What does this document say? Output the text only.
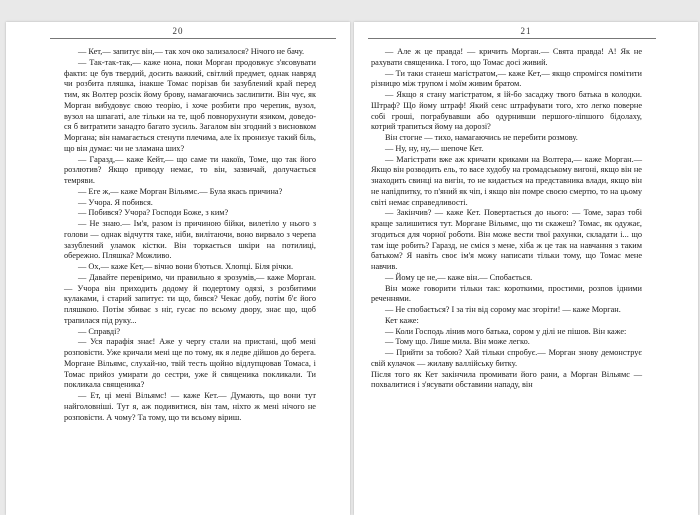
20

— Кет,— запитує він,— так хоч око зализалося? Нічого не бачу.

— Так-так-так,— каже нона, поки Морган продовжує з'ясовувати факти: це був твердий, досить важкий, світлий предмет, однак навряд чи розбита пляшка, інакше Томас порізав би зазублений край перед тим, як Волтер розсік йому брову, намагаючись заслипити. Він чує, як Морган вибудовує свою теорію, і хоче розбити про черепик, вузол, вузол на шпагаті, але тільки на те, щоб повнорухнути язиком, доведо-ся б витратити занадто багато зусиль. Загалом він згодний з висновком Моргана; він намагається стенути плечима, але їх пронизує такий біль, що він думає: чи не зламана ших?

— Гаразд,— каже Кейт,— що саме ти накоїв, Томе, що так його розлютив? Якщо приводу немає, то він, зазвичай, долучається темряви.

— Еге ж,— каже Морган Вільямс.— Була якась причина?

— Учора. Я побився.

— Побився? Учора? Господи Боже, з ким?

— Не знаю.— Ім'я, разом із причиною бійки, вилетіло у нього з голови — однак відчуття таке, ніби, вилітаючи, воно вирвало з черепа зазублений уламок кістки. Він торкається шкіри на потилиці, обережно. Пляшка? Можливо.

— Ох,— каже Кет,— вічно вони б'ються. Хлопці. Біля річки.

— Давайте перевіримо, чи правильно я зрозумів,— каже Морган.— Учора він приходить додому й подертому одязі, з розбитими кулаками, і старий запитує: ти що, бився? Чекає добу, потім б'є його пляшкою. Потім збиває з ніг, гусає по всьому двору, знає що, щоб трапилася під руку...

— Справді?

— Уся парафія знає! Аже у чергу стали на пристані, щоб мені розповісти. Уже кричали мені ще по тому, як я ледве дійшов до берега. Моргане Вільямс, слухай-но, твій тесть щойно відлупцював Томаса, і Томас прийоз умирати до сестри, уже й священика покликали. Ти покликала священика?

— Ет, ці мені Вільямс! — каже Кет.— Думають, що вони тут найголовніші. Тут я, аж подивитися, він там, ніхто ж мені нічого не розповісти. А чому? Та тому, що ти всьому віриш.

21

— Але ж це правда! — кричить Морган.— Свята правда! А! Як не рахувати священика. І того, що Томас досі живий.

— Ти таки станеш магістратом,— каже Кет,— якщо спромігся помітити різницю між трупом і моїм живим братом.

— Якщо я стану магістратом, я їй-бо засаджу твого батька в колодки. Штраф? Що йому штраф! Який сенс штрафувати того, хто легко поверне собі гроші, пограбувавши або одурнивши першого-ліпшого бідолаху, котрий трапиться йому на дорозі?

Він стогне — тихо, намагаючись не перебити розмову.

— Ну, ну, ну,— шепоче Кет.

— Магістрати вже аж кричати криками на Волтера,— каже Морган.— Якщо він розводить ель, то васе худобу на громадському вигоні, якщо він не знаходить свинці на вигін, то не кидається на представника влади, якщо він не напідпитку, то п'яний як чіп, і якщо він помре своєю смертю, то на цьому світі немає справедливості.

— Закінчив? — каже Кет. Повертається до нього: — Томе, зараз тобі краще залишитися тут. Моргане Вільямс, що ти скажеш? Томас, як одужає, згодиться для чорної роботи. Він може вести твої рахунки, складати і... що там іще робить? Гаразд, не сміся з мене, хіба ж це так на навчання з таким батьком? Я навіть своє ім'я можу написати тільки тому, що Томас мене навчив.

— Йому це не,— каже він.— Спобається.

Він може говорити тільки так: короткими, простими, розпов ідними реченнями.

— Не спобається? І за тін від сорому мас згоріти! — каже Морган.

Кет каже:

— Коли Господь лінив мого батька, сором у ділі не пішов. Він каже:

— Тому що. Лише мила. Він може легко.

— Прийти за тобою? Хай тільки спробує.— Морган знову демонструє свій кулачок — жилаву валлійську битку.

Після того як Кет закінчила промивати його рани, а Морган Вільямс — похвалитися і з'ясувати обставини нападу, він
